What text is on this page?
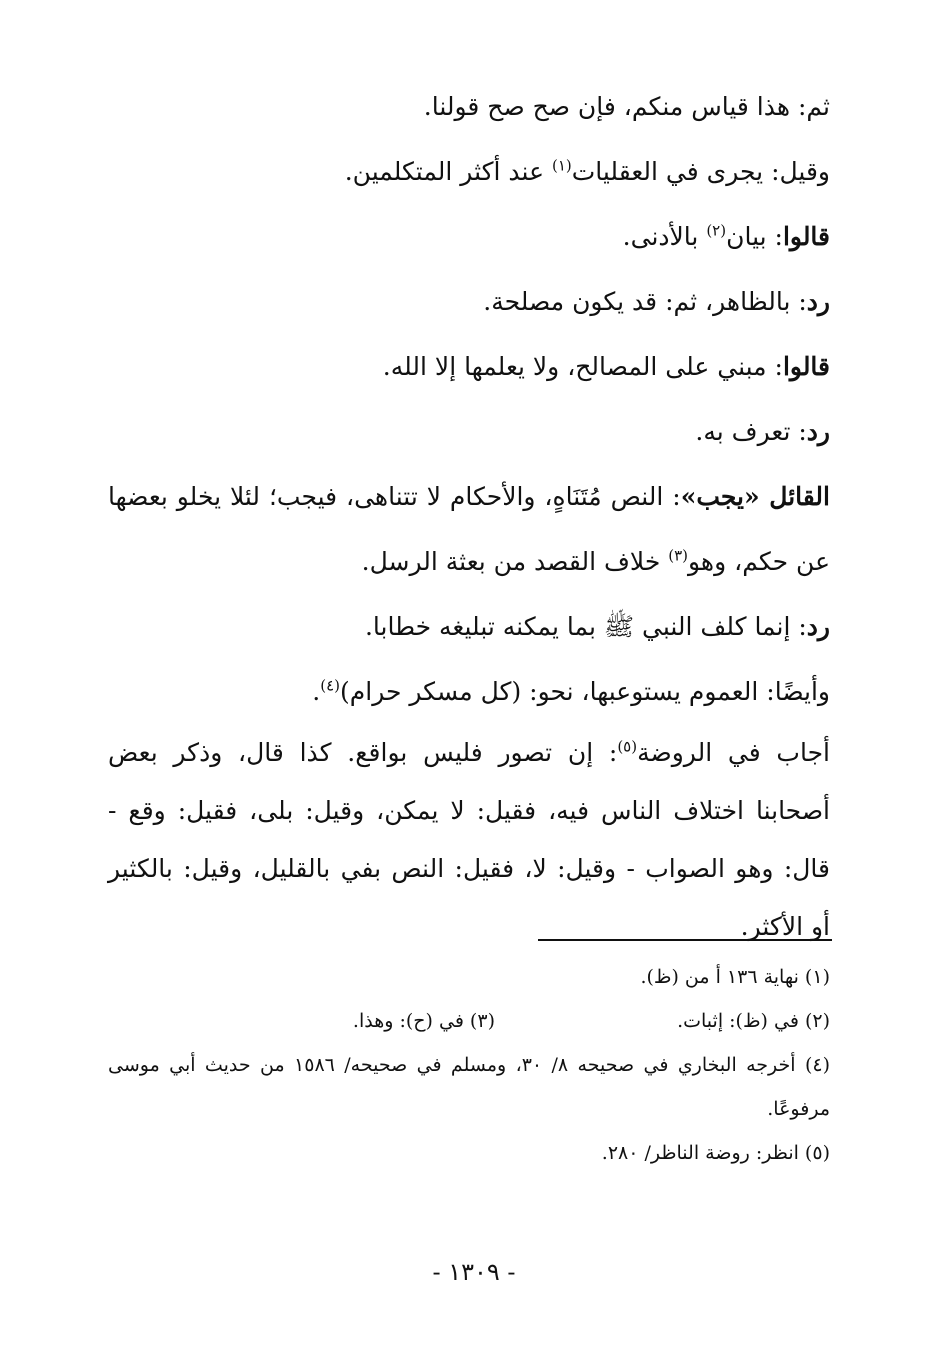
ثم: هذا قياس منكم، فإن صح صح قولنا.

وقيل: يجرى في العقليات$^{(١)}$ عند أكثر المتكلمين.

قالوا: بيان$^{(٢)}$ بالأدنى.

رد: بالظاهر، ثم: قد يكون مصلحة.

قالوا: مبني على المصالح، ولا يعلمها إلا الله.

رد: تعرف به.

القائل «يجب»: النص مُتَنَاهٍ، والأحكام لا تتناهى، فيجب؛ لئلا يخلو بعضها عن حكم، وهو$^{(٣)}$ خلاف القصد من بعثة الرسل.

رد: إنما كلف النبي ﷺ بما يمكنه تبليغه خطابا.

وأيضًا: العموم يستوعبها، نحو: (كل مسكر حرام)$^{(٤)}$.

أجاب في الروضة$^{(٥)}$: إن تصور فليس بواقع. كذا قال، وذكر بعض أصحابنا اختلاف الناس فيه، فقيل: لا يمكن، وقيل: بلى، فقيل: وقع - قال: وهو الصواب - وقيل: لا، فقيل: النص بفي بالقليل، وقيل: بالكثير أو الأكثر.

(١) نهاية ١٣٦ أ من (ظ).

(٢) في (ظ): إثبات.

(٣) في (ح): وهذا.

(٤) أخرجه البخاري في صحيحه ٨/ ٣٠، ومسلم في صحيحه/ ١٥٨٦ من حديث أبي موسى مرفوعًا.

(٥) انظر: روضة الناظر/ ٢٨٠.

- ١٣٠٩ -
